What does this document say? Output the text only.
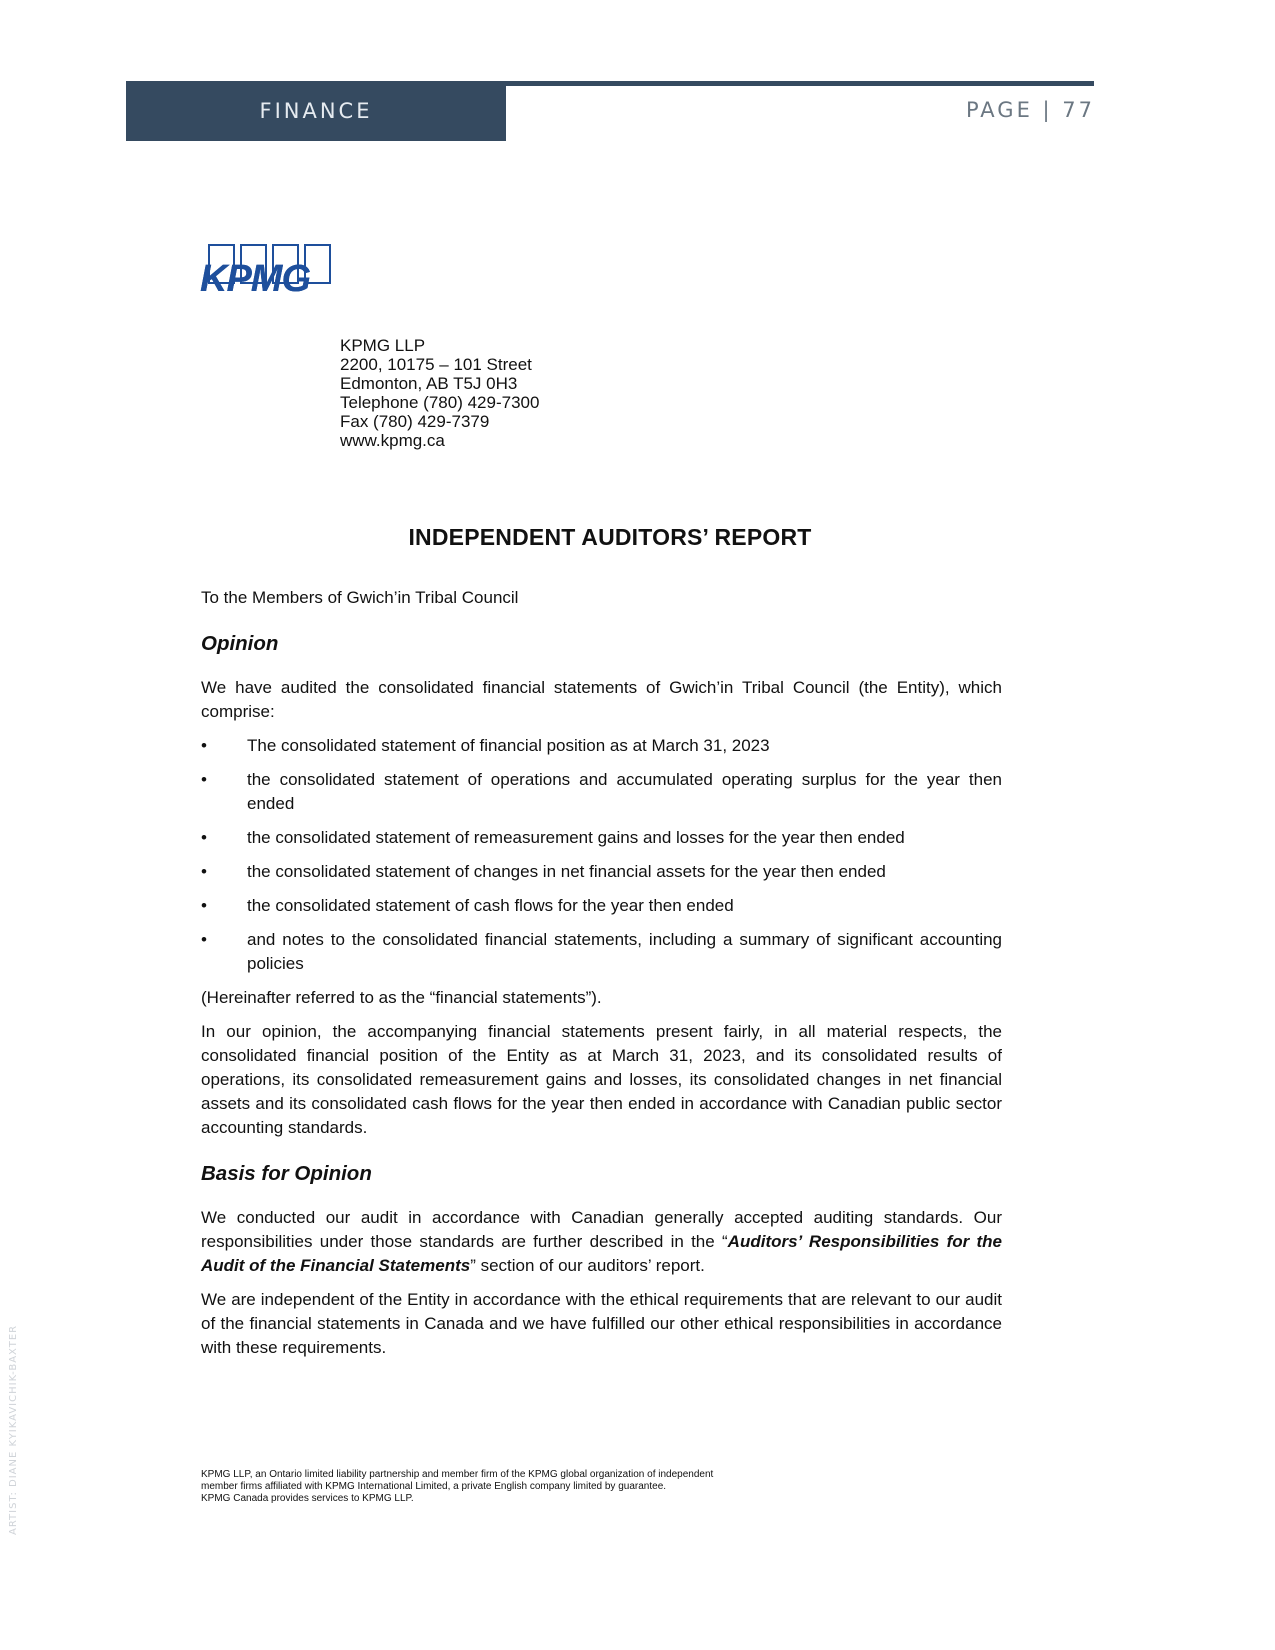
FINANCE	PAGE | 77
KPMG
KPMG LLP
2200, 10175 – 101 Street
Edmonton, AB T5J 0H3
Telephone (780) 429-7300
Fax (780) 429-7379
www.kpmg.ca
INDEPENDENT AUDITORS’ REPORT

To the Members of Gwich’in Tribal Council

Opinion

We have audited the consolidated financial statements of Gwich’in Tribal Council (the Entity), which comprise:

• The consolidated statement of financial position as at March 31, 2023
• the consolidated statement of operations and accumulated operating surplus for the year then ended
• the consolidated statement of remeasurement gains and losses for the year then ended
• the consolidated statement of changes in net financial assets for the year then ended
• the consolidated statement of cash flows for the year then ended
• and notes to the consolidated financial statements, including a summary of significant accounting policies

(Hereinafter referred to as the “financial statements”).

In our opinion, the accompanying financial statements present fairly, in all material respects, the consolidated financial position of the Entity as at March 31, 2023, and its consolidated results of operations, its consolidated remeasurement gains and losses, its consolidated changes in net financial assets and its consolidated cash flows for the year then ended in accordance with Canadian public sector accounting standards.

Basis for Opinion

We conducted our audit in accordance with Canadian generally accepted auditing standards. Our responsibilities under those standards are further described in the “Auditors’ Responsibilities for the Audit of the Financial Statements” section of our auditors’ report.

We are independent of the Entity in accordance with the ethical requirements that are relevant to our audit of the financial statements in Canada and we have fulfilled our other ethical responsibilities in accordance with these requirements.

KPMG LLP, an Ontario limited liability partnership and member firm of the KPMG global organization of independent
member firms affiliated with KPMG International Limited, a private English company limited by guarantee.
KPMG Canada provides services to KPMG LLP.
ARTIST: DIANE KYIKAVICHIK-BAXTER
